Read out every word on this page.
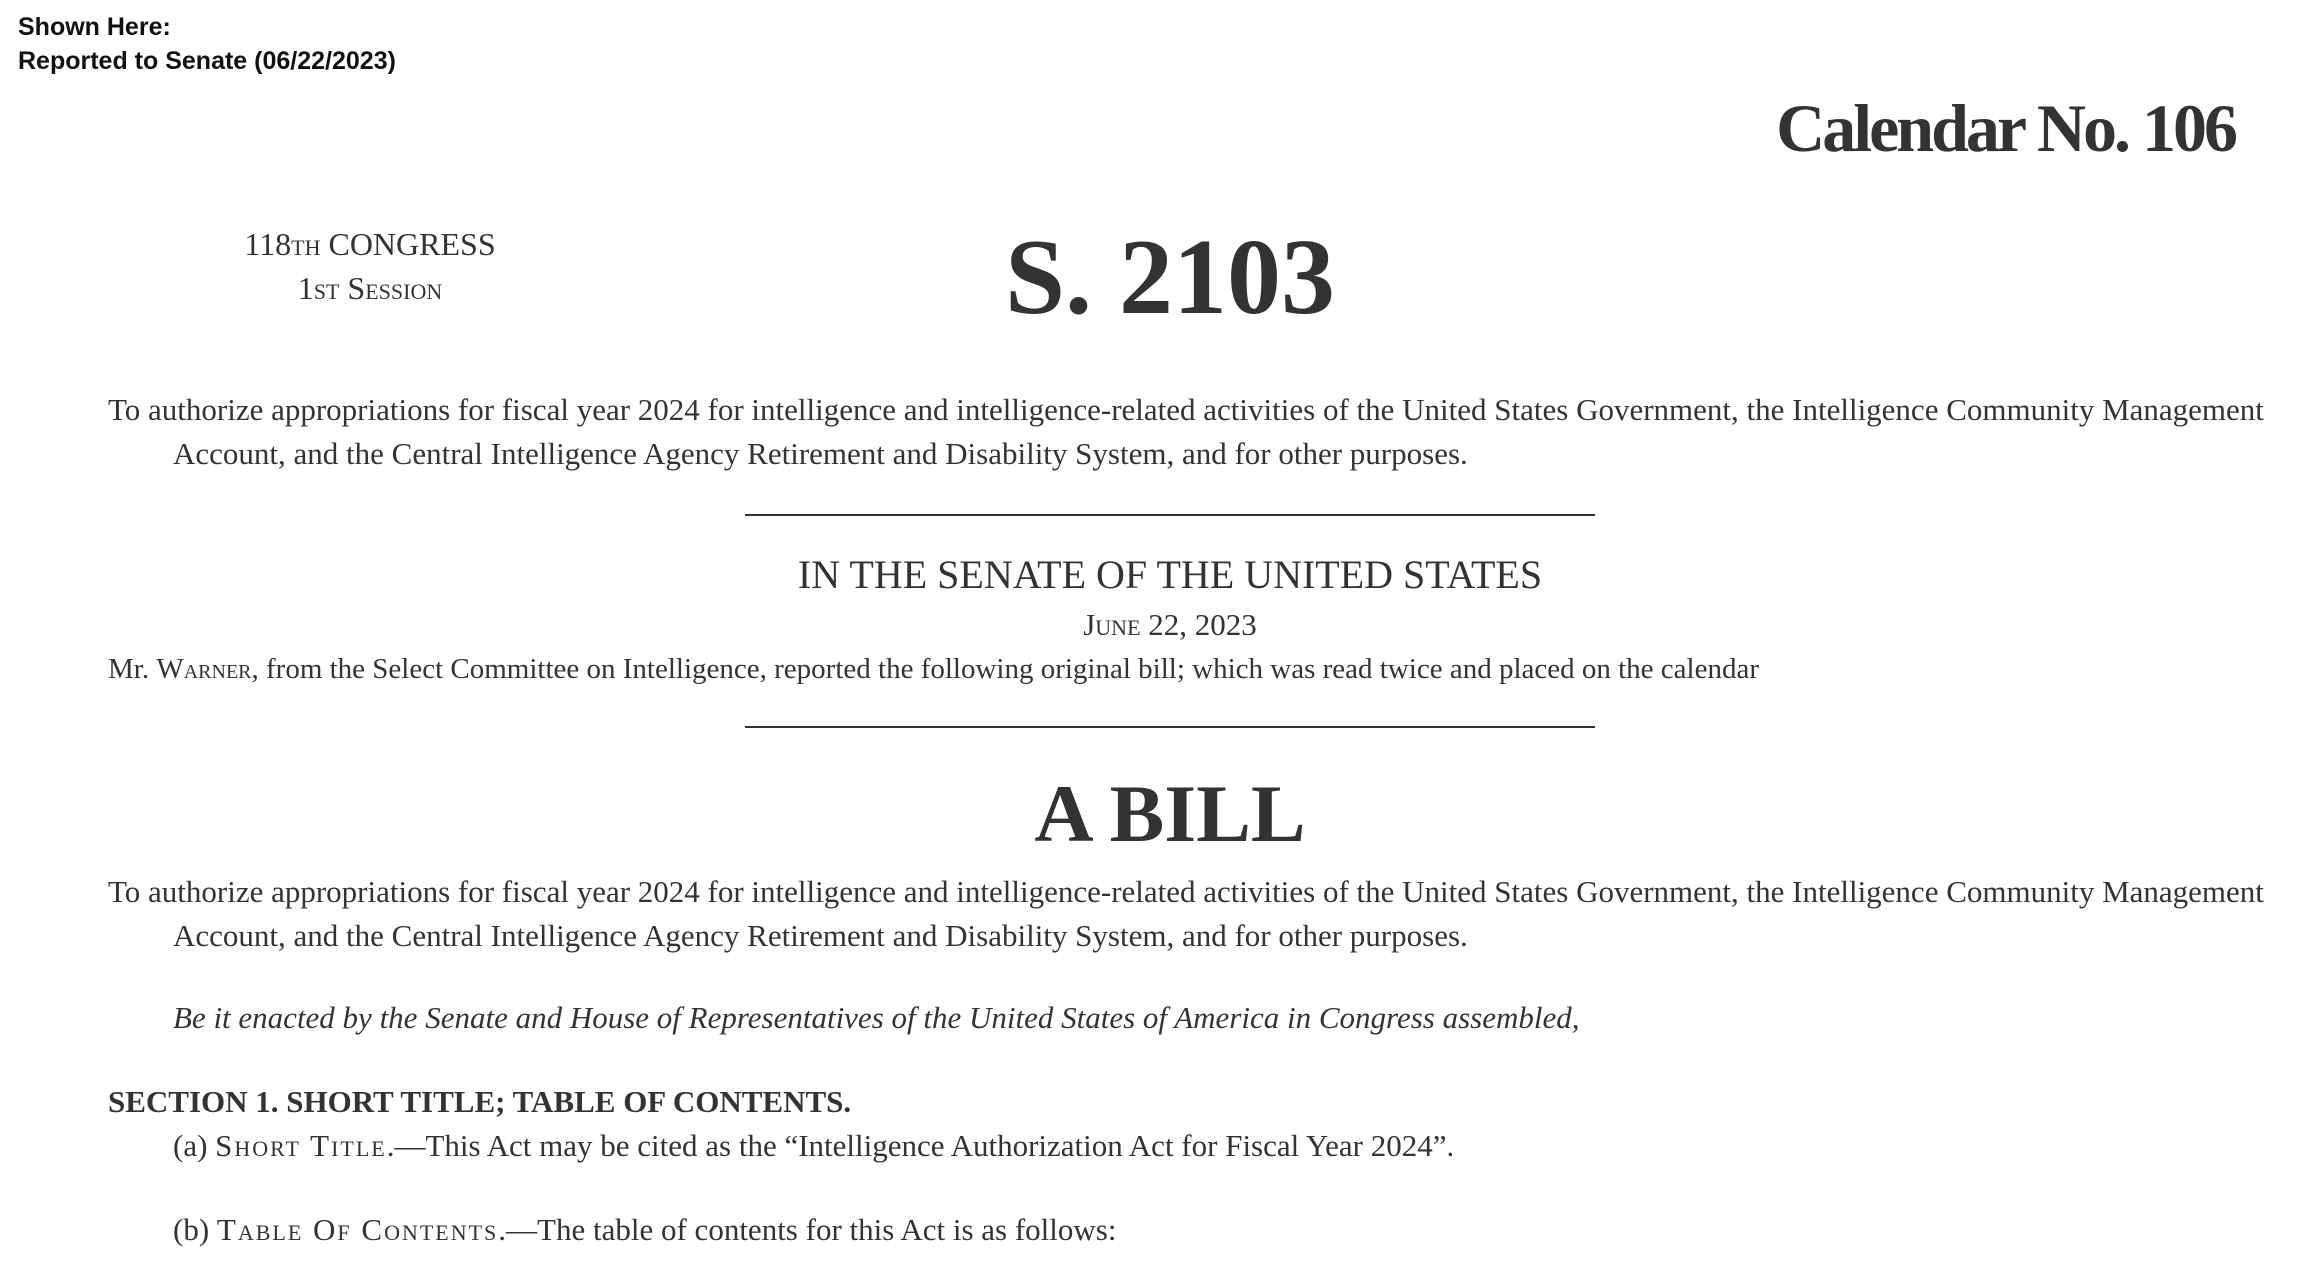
Shown Here:
Reported to Senate (06/22/2023)
Calendar No. 106
118th CONGRESS
1st Session	S. 2103
To authorize appropriations for fiscal year 2024 for intelligence and intelligence-related activities of the United States Government, the Intelligence Community Management Account, and the Central Intelligence Agency Retirement and Disability System, and for other purposes.
IN THE SENATE OF THE UNITED STATES
June 22, 2023
Mr. Warner, from the Select Committee on Intelligence, reported the following original bill; which was read twice and placed on the calendar
A BILL
To authorize appropriations for fiscal year 2024 for intelligence and intelligence-related activities of the United States Government, the Intelligence Community Management Account, and the Central Intelligence Agency Retirement and Disability System, and for other purposes.
Be it enacted by the Senate and House of Representatives of the United States of America in Congress assembled,
SECTION 1. SHORT TITLE; TABLE OF CONTENTS.
(a) Short Title.—This Act may be cited as the “Intelligence Authorization Act for Fiscal Year 2024”.
(b) Table Of Contents.—The table of contents for this Act is as follows:
